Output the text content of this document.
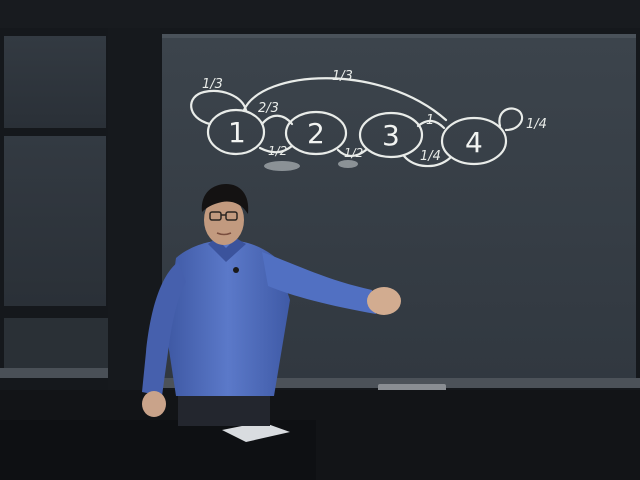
1 2 3 4
1/3
1/3
2/3
1/2	1/2
1
1/4
1/4
